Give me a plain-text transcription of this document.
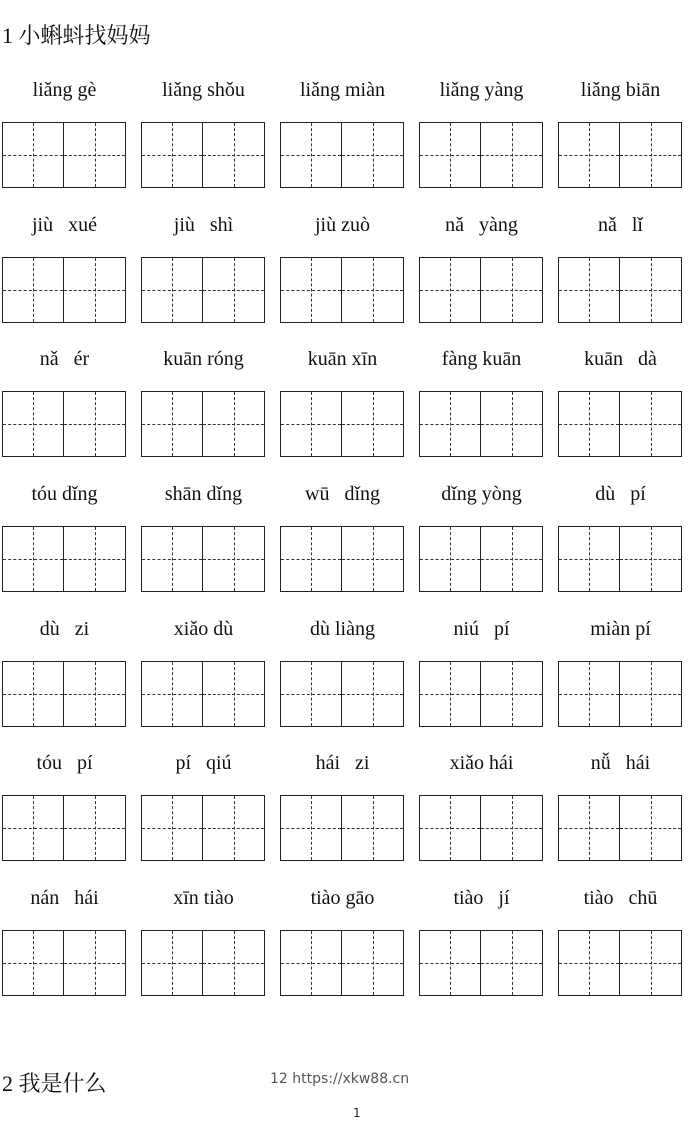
1 小蝌蚪找妈妈
liǎng gè	liǎng shǒu	liǎng miàn	liǎng yàng	liǎng biān
jiù   xué	jiù   shì	jiù zuò	nǎ   yàng	nǎ   lǐ
nǎ   ér	kuān róng	kuān xīn	fàng kuān	kuān   dà
tóu dǐng	shān dǐng	wū   dǐng	dǐng yòng	dù   pí
dù   zi	xiǎo dù	dù liàng	niú   pí	miàn pí
tóu   pí	pí   qiú	hái   zi	xiǎo hái	nǚ   hái
nán   hái	xīn tiào	tiào gāo	tiào   jí	tiào   chū
2 我是什么	12 https://xkw88.cn
1
